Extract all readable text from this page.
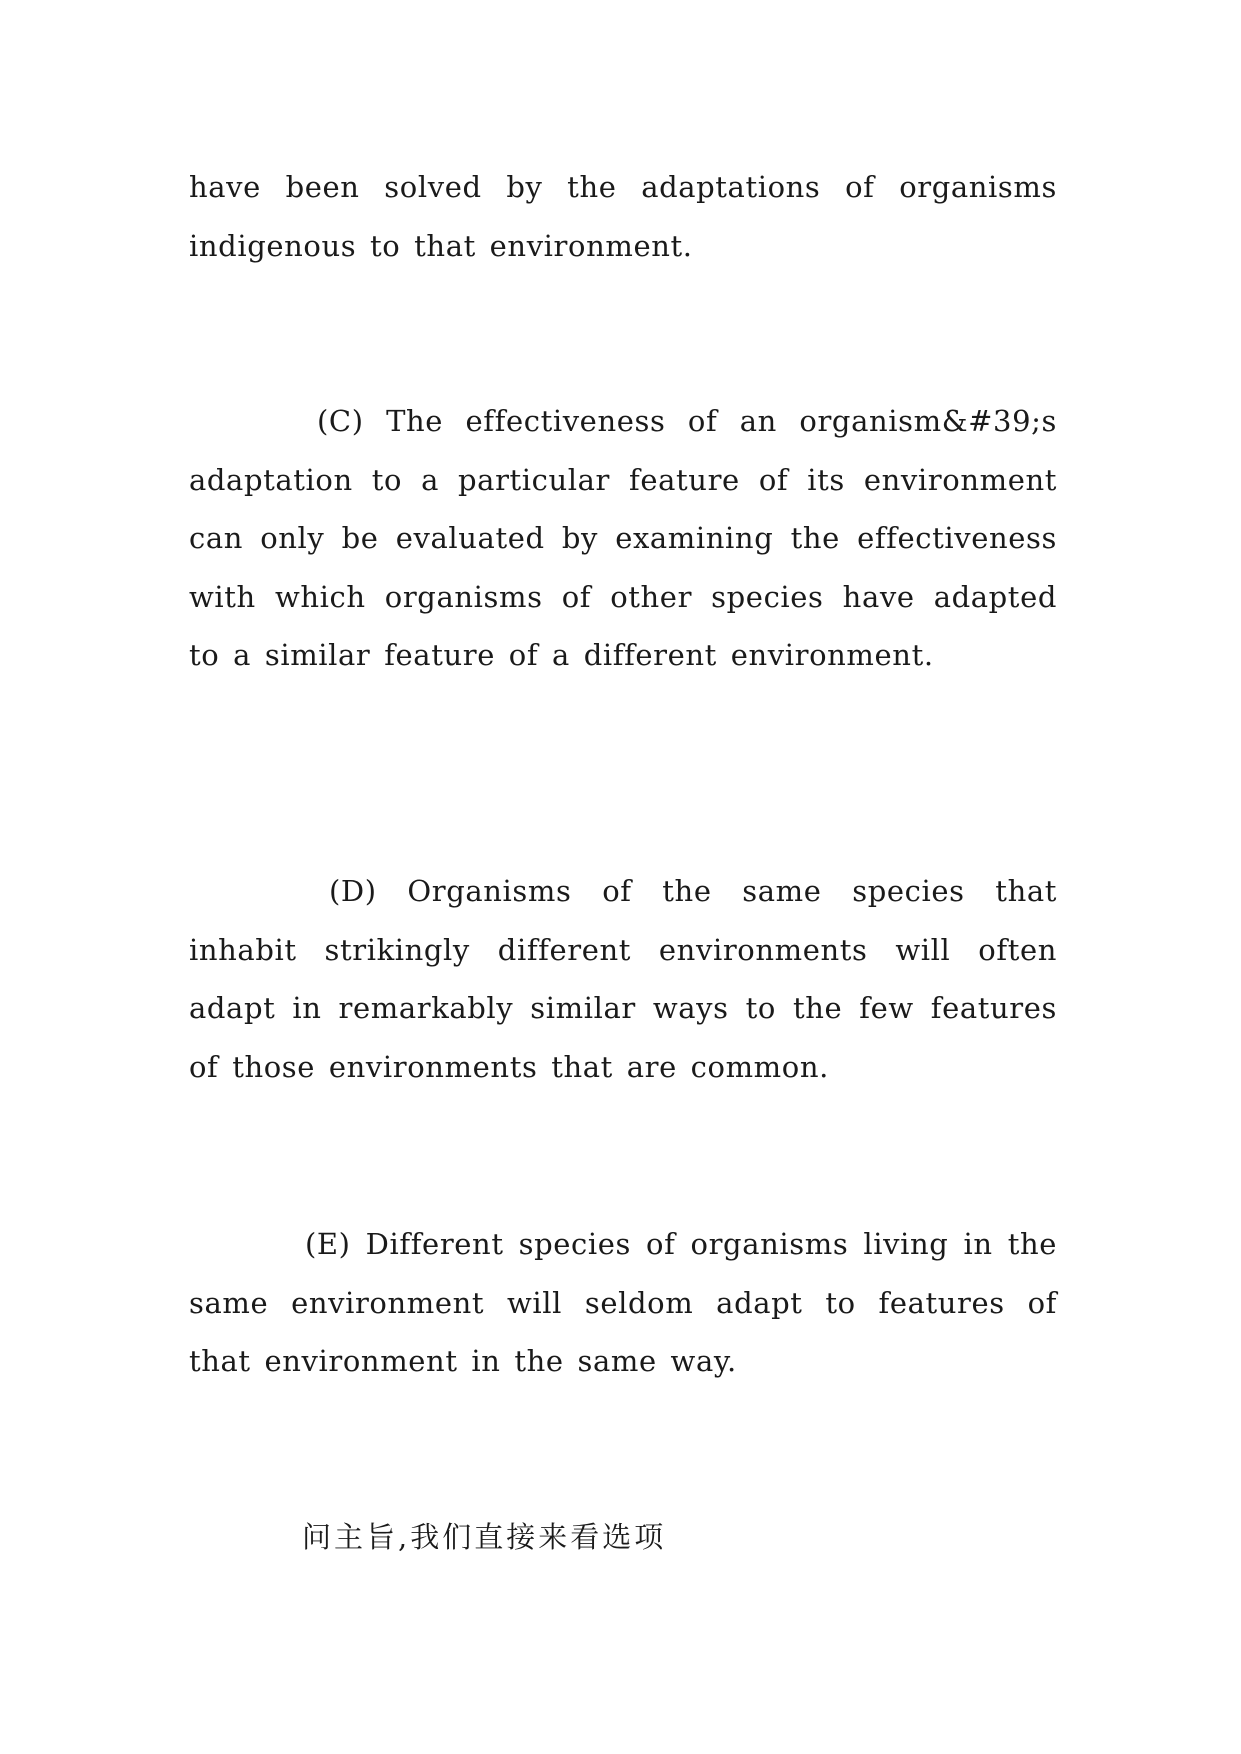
have been solved by the adaptations of organisms indigenous to that environment.

(C) The effectiveness of an organism&#39;s adaptation to a particular feature of its environment can only be evaluated by examining the effectiveness with which organisms of other species have adapted to a similar feature of a different environment.

(D) Organisms of the same species that inhabit strikingly different environments will often adapt in remarkably similar ways to the few features of those environments that are common.

(E) Different species of organisms living in the same environment will seldom adapt to features of that environment in the same way.

问主旨,我们直接来看选项
